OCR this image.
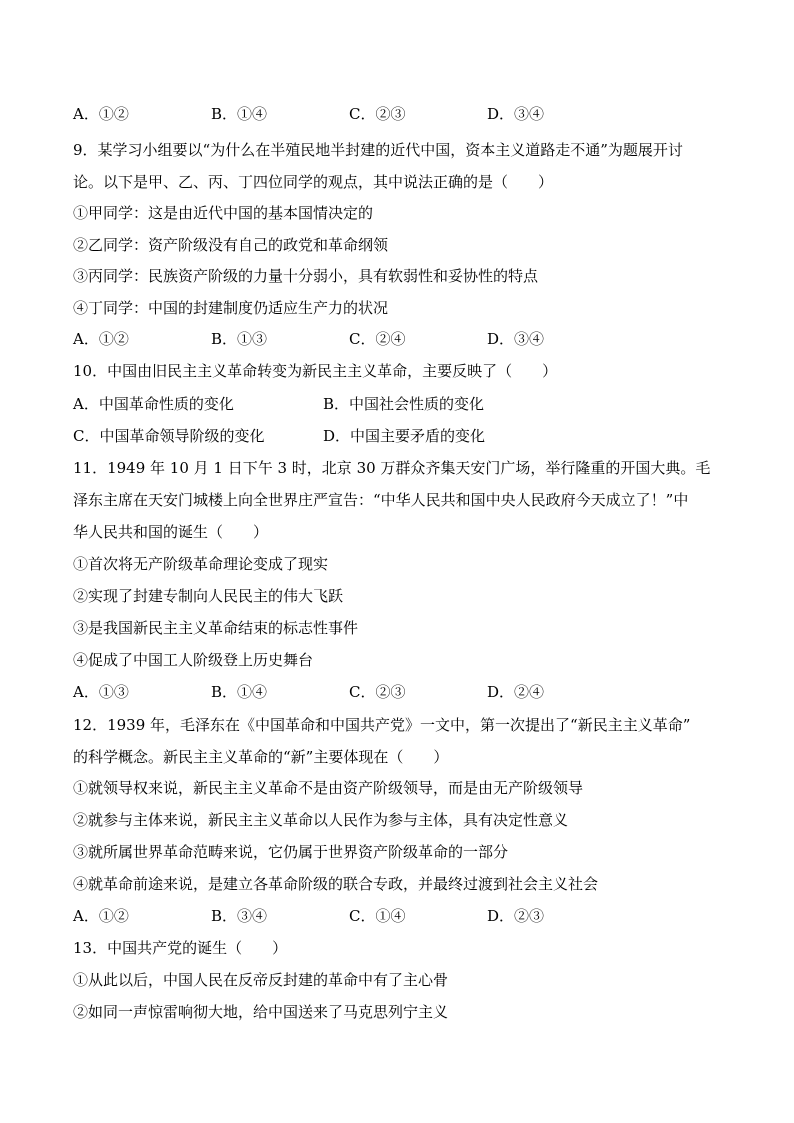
A．①②	B．①④	C．②③	D．③④
9．某学习小组要以“为什么在半殖民地半封建的近代中国，资本主义道路走不通”为题展开讨
论。以下是甲、乙、丙、丁四位同学的观点，其中说法正确的是（　　）
①甲同学：这是由近代中国的基本国情决定的
②乙同学：资产阶级没有自己的政党和革命纲领
③丙同学：民族资产阶级的力量十分弱小，具有软弱性和妥协性的特点
④丁同学：中国的封建制度仍适应生产力的状况
A．①②	B．①③	C．②④	D．③④
10．中国由旧民主主义革命转变为新民主主义革命，主要反映了（　　）
A．中国革命性质的变化	B．中国社会性质的变化
C．中国革命领导阶级的变化	D．中国主要矛盾的变化
11．1949 年 10 月 1 日下午 3 时，北京 30 万群众齐集天安门广场，举行隆重的开国大典。毛
泽东主席在天安门城楼上向全世界庄严宣告：“中华人民共和国中央人民政府今天成立了！”中
华人民共和国的诞生（　　）
①首次将无产阶级革命理论变成了现实
②实现了封建专制向人民民主的伟大飞跃
③是我国新民主主义革命结束的标志性事件
④促成了中国工人阶级登上历史舞台
A．①③	B．①④	C．②③	D．②④
12．1939 年，毛泽东在《中国革命和中国共产党》一文中，第一次提出了“新民主主义革命”
的科学概念。新民主主义革命的“新”主要体现在（　　）
①就领导权来说，新民主主义革命不是由资产阶级领导，而是由无产阶级领导
②就参与主体来说，新民主主义革命以人民作为参与主体，具有决定性意义
③就所属世界革命范畴来说，它仍属于世界资产阶级革命的一部分
④就革命前途来说，是建立各革命阶级的联合专政，并最终过渡到社会主义社会
A．①②	B．③④	C．①④	D．②③
13．中国共产党的诞生（　　）
①从此以后，中国人民在反帝反封建的革命中有了主心骨
②如同一声惊雷响彻大地，给中国送来了马克思列宁主义
